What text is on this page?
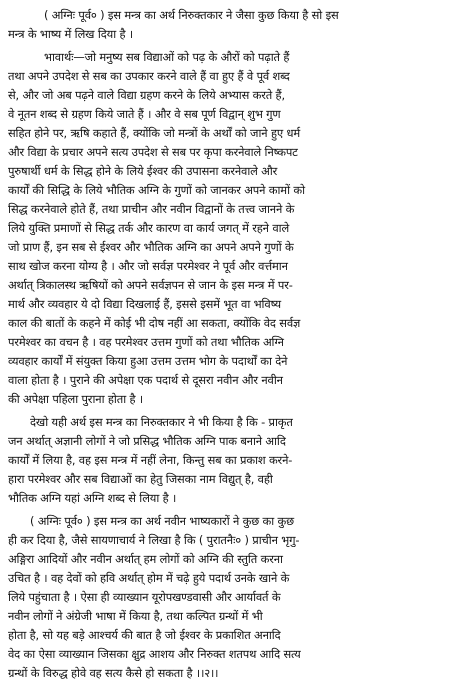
( अग्निः पूर्व० ) इस मन्त्र का अर्थ निरुक्तकार ने जैसा कुछ किया है सो इस
मन्त्र के भाष्य में लिख दिया है ।
भावार्थः—जो मनुष्य सब विद्याओं को पढ़ के औरों को पढ़ाते हैं
तथा अपने उपदेश से सब का उपकार करने वाले हैं वा हुए हैं वे पूर्व शब्द
से, और जो अब पढ़ने वाले विद्या ग्रहण करने के लिये अभ्यास करते हैं,
वे नूतन शब्द से ग्रहण किये जाते हैं । और वे सब पूर्ण विद्वान् शुभ गुण
सहित होने पर, ऋषि कहाते हैं, क्योंकि जो मन्त्रों के अर्थों को जाने हुए धर्म
और विद्या के प्रचार अपने सत्य उपदेश से सब पर कृपा करनेवाले निष्कपट
पुरुषार्थी धर्म के सिद्ध होने के लिये ईश्वर की उपासना करनेवाले और
कार्यों की सिद्धि के लिये भौतिक अग्नि के गुणों को जानकर अपने कामों को
सिद्ध करनेवाले होते हैं, तथा प्राचीन और नवीन विद्वानों के तत्त्व जानने के
लिये युक्ति प्रमाणों से सिद्ध तर्क और कारण वा कार्य जगत् में रहने वाले
जो प्राण हैं, इन सब से ईश्वर और भौतिक अग्नि का अपने अपने गुणों के
साथ खोज करना योग्य है । और जो सर्वज्ञ परमेश्वर ने पूर्व और वर्त्तमान
अर्थात् त्रिकालस्थ ऋषियों को अपने सर्वज्ञपन से जान के इस मन्त्र में पर-
मार्थ और व्यवहार ये दो विद्या दिखलाई हैं, इससे इसमें भूत वा भविष्य
काल की बातों के कहने में कोई भी दोष नहीं आ सकता, क्योंकि वेद सर्वज्ञ
परमेश्वर का वचन है । वह परमेश्वर उत्तम गुणों को तथा भौतिक अग्नि
व्यवहार कार्यों में संयुक्त किया हुआ उत्तम उत्तम भोग के पदार्थों का देने
वाला होता है । पुराने की अपेक्षा एक पदार्थ से दूसरा नवीन और नवीन
की अपेक्षा पहिला पुराना होता है ।
देखो यही अर्थ इस मन्त्र का निरुक्तकार ने भी किया है कि - प्राकृत
जन अर्थात् अज्ञानी लोगों ने जो प्रसिद्ध भौतिक अग्नि पाक बनाने आदि
कार्यों में लिया है, वह इस मन्त्र में नहीं लेना, किन्तु सब का प्रकाश करने-
हारा परमेश्वर और सब विद्याओं का हेतु जिसका नाम विद्युत् है, वही
भौतिक अग्नि यहां अग्नि शब्द से लिया है ।
( अग्निः पूर्व० ) इस मन्त्र का अर्थ नवीन भाष्यकारों ने कुछ का कुछ
ही कर दिया है, जैसे सायणाचार्य ने लिखा है कि ( पुरातनैः० ) प्राचीन भृगु-
अङ्गिरा आदियों और नवीन अर्थात् हम लोगों को अग्नि की स्तुति करना
उचित है । वह देवों को हवि अर्थात् होम में चढ़े हुये पदार्थ उनके खाने के
लिये पहुंचाता है । ऐसा ही व्याख्यान यूरोपखण्डवासी और आर्यावर्त के
नवीन लोगों ने अंग्रेजी भाषा में किया है, तथा कल्पित ग्रन्थों में भी
होता है, सो यह बड़े आश्चर्य की बात है जो ईश्वर के प्रकाशित अनादि
वेद का ऐसा व्याख्यान जिसका क्षुद्र आशय और निरुक्त शतपथ आदि सत्य
ग्रन्थों के विरुद्ध होवे वह सत्य कैसे हो सकता है ।।२।।
